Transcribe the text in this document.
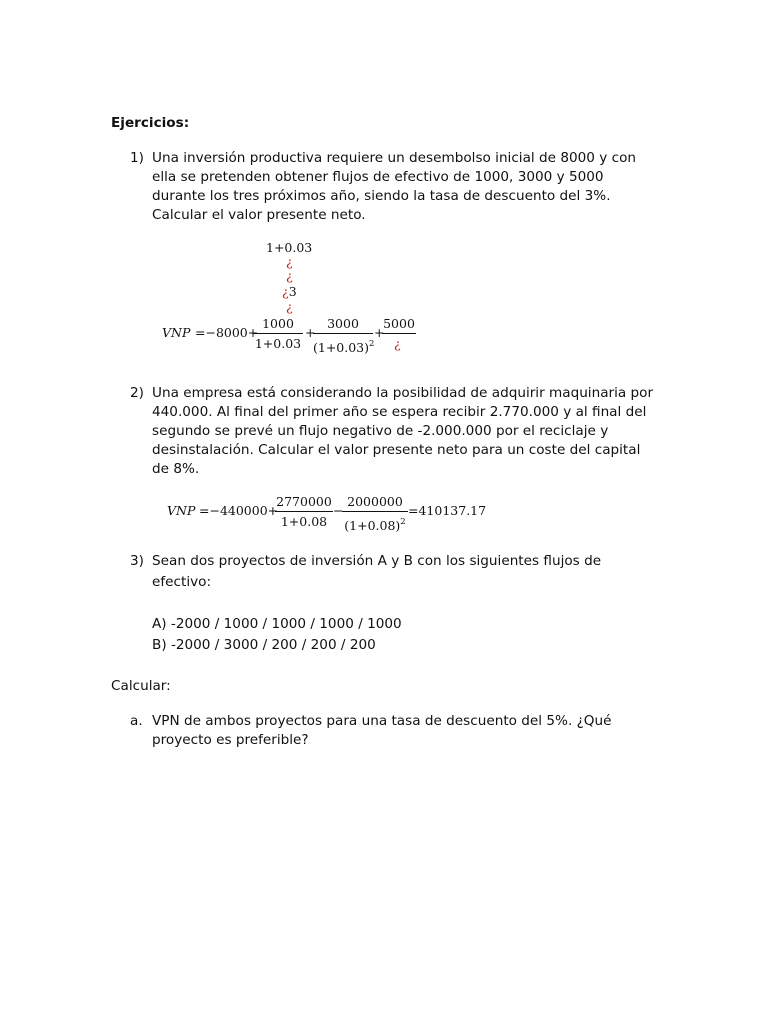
Ejercicios:
1) Una inversión productiva requiere un desembolso inicial de 8000 y con
ella se pretenden obtener flujos de efectivo de 1000, 3000 y 5000
durante los tres próximos año, siendo la tasa de descuento del 3%.
Calcular el valor presente neto.
1+0.03
¿
¿
¿3
¿
VNP =−8000+
$\frac{1000}{1+0.03}$ +
$\frac{3000}{(1+0.03)^2}$ +
5000
¿
2) Una empresa está considerando la posibilidad de adquirir maquinaria por
440.000. Al final del primer año se espera recibir 2.770.000 y al final del
segundo se prevé un flujo negativo de -2.000.000 por el reciclaje y
desinstalación. Calcular el valor presente neto para un coste del capital
de 8%.
VNP =−440000+
$\frac{2770000}{1+0.08}$ −
$\frac{2000000}{(1+0.08)^2} =410137.17$
3) Sean dos proyectos de inversión A y B con los siguientes flujos de
efectivo:
A) -2000 / 1000 / 1000 / 1000 / 1000
B) -2000 / 3000 / 200 / 200 / 200
Calcular:
a. VPN de ambos proyectos para una tasa de descuento del 5%. ¿Qué
proyecto es preferible?
